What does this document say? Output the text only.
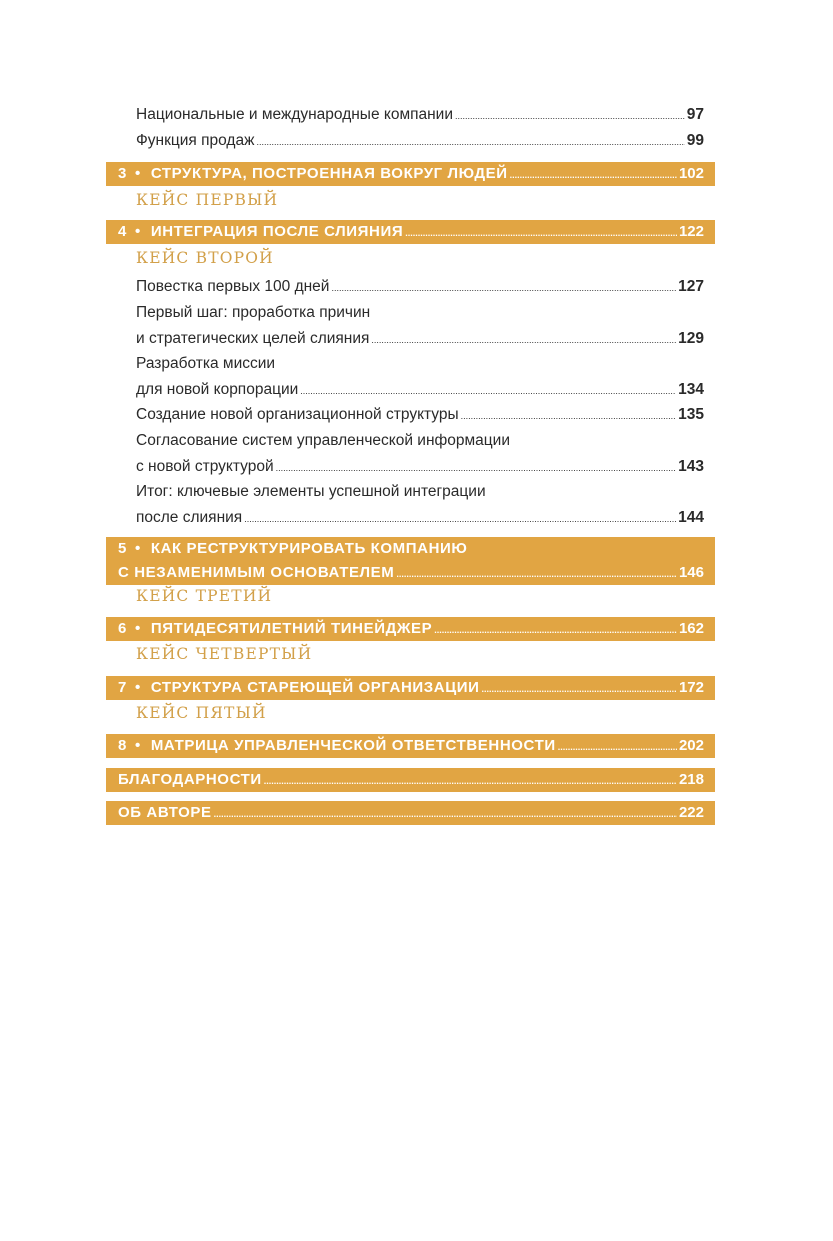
Национальные и международные компании .....	97
Функция продаж .....	99
3 • СТРУКТУРА, ПОСТРОЕННАЯ ВОКРУГ ЛЮДЕЙ .....	102
КЕЙС ПЕРВЫЙ
4 • ИНТЕГРАЦИЯ ПОСЛЕ СЛИЯНИЯ .....	122
КЕЙС ВТОРОЙ
Повестка первых 100 дней .....	127
Первый шаг: проработка причин
и стратегических целей слияния .....	129
Разработка миссии
для новой корпорации .....	134
Создание новой организационной структуры .....	135
Согласование систем управленческой информации
с новой структурой .....	143
Итог: ключевые элементы успешной интеграции
после слияния .....	144
5 • КАК РЕСТРУКТУРИРОВАТЬ КОМПАНИЮ
С НЕЗАМЕНИМЫМ ОСНОВАТЕЛЕМ .....	146
КЕЙС ТРЕТИЙ
6 • ПЯТИДЕСЯТИЛЕТНИЙ ТИНЕЙДЖЕР .....	162
КЕЙС ЧЕТВЕРТЫЙ
7 • СТРУКТУРА СТАРЕЮЩЕЙ ОРГАНИЗАЦИИ .....	172
КЕЙС ПЯТЫЙ
8 • МАТРИЦА УПРАВЛЕНЧЕСКОЙ ОТВЕТСТВЕННОСТИ .....	202
БЛАГОДАРНОСТИ .....	218
ОБ АВТОРЕ .....	222
